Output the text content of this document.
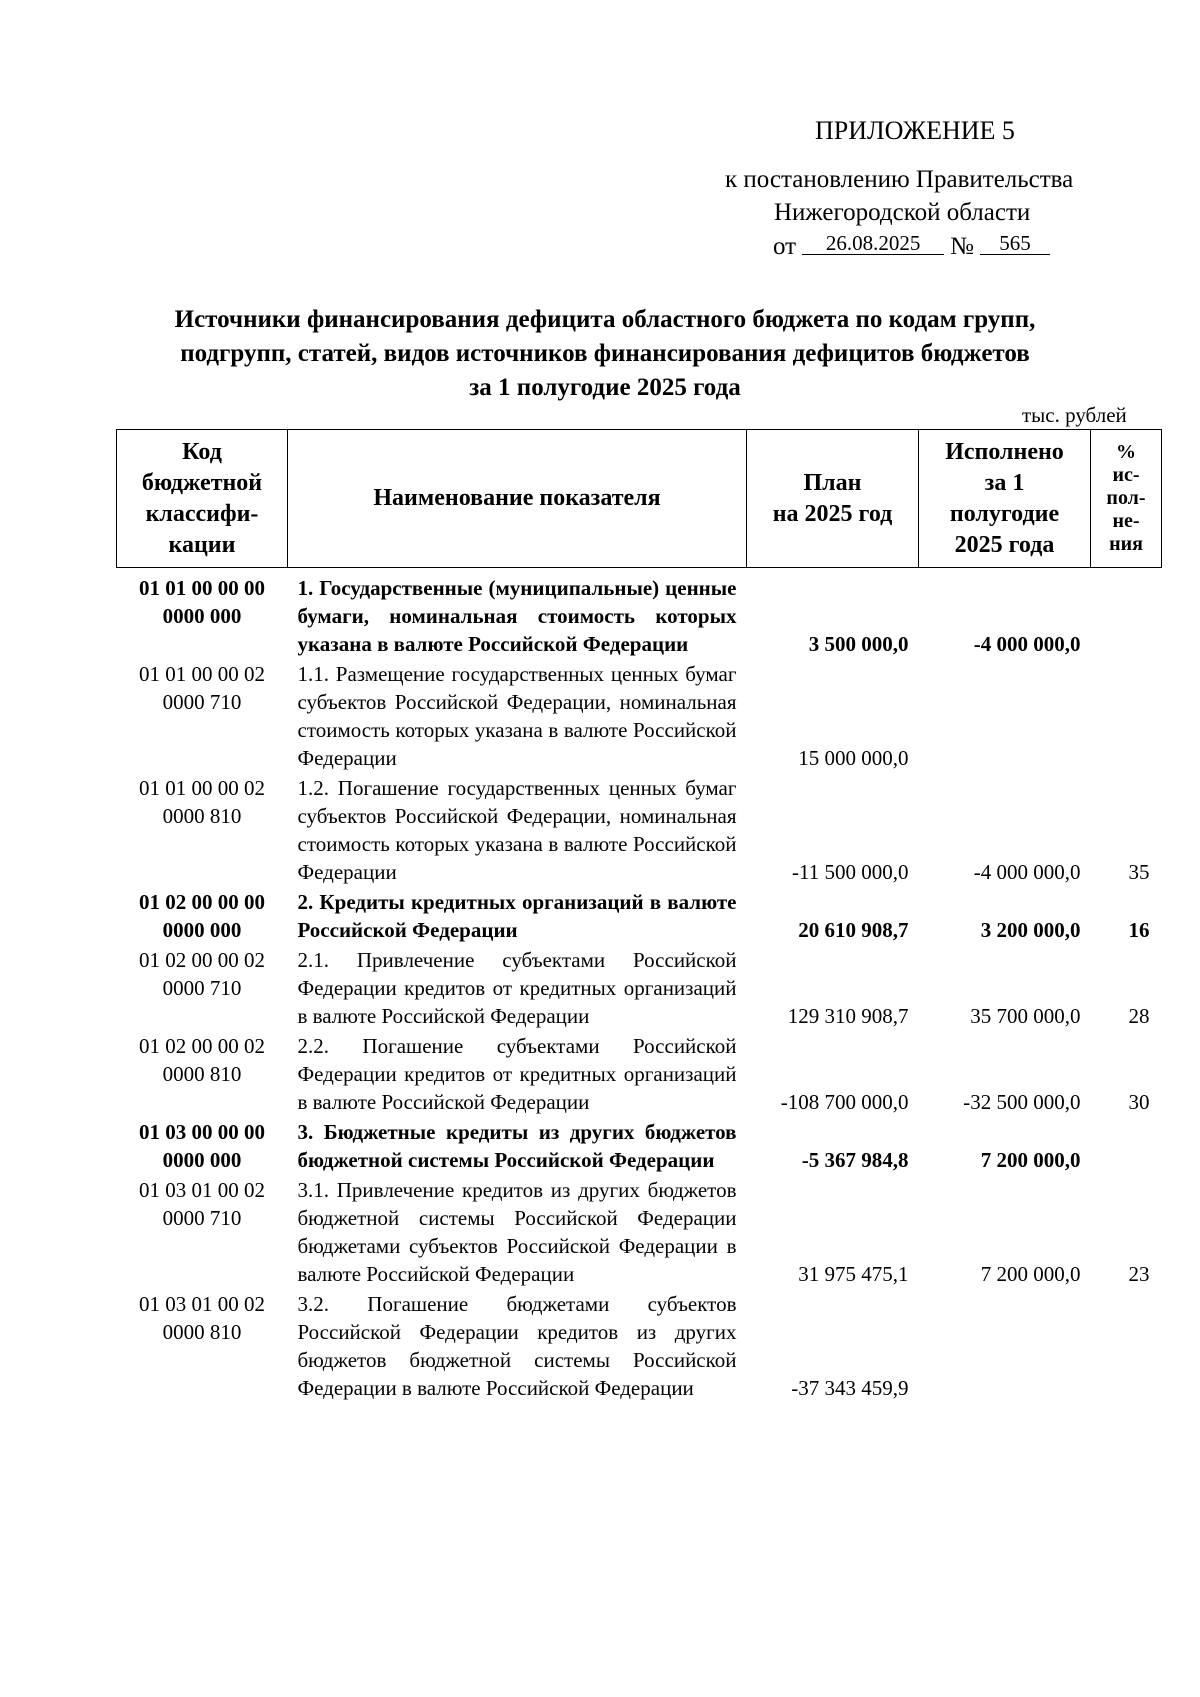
ПРИЛОЖЕНИЕ 5
к постановлению Правительства
Нижегородской области
от 26.08.2025 № 565
Источники финансирования дефицита областного бюджета по кодам групп,
подгрупп, статей, видов источников финансирования дефицитов бюджетов
за 1 полугодие 2025 года
тыс. рублей
Код
бюджетной
классифи-
кации	Наименование показателя	План
на 2025 год	Исполнено
за 1
полугодие
2025 года	%
ис-
пол-
не-
ния
01 01 00 00 00 0000 000	1. Государственные (муниципальные) ценные бумаги, номинальная стоимость которых указана в валюте Российской Федерации	3 500 000,0	-4 000 000,0	
01 01 00 00 02 0000 710	1.1. Размещение государственных ценных бумаг субъектов Российской Федерации, номинальная стоимость которых указана в валюте Российской Федерации	15 000 000,0		
01 01 00 00 02 0000 810	1.2. Погашение государственных ценных бумаг субъектов Российской Федерации, номинальная стоимость которых указана в валюте Российской Федерации	-11 500 000,0	-4 000 000,0	35
01 02 00 00 00 0000 000	2. Кредиты кредитных организаций в валюте Российской Федерации	20 610 908,7	3 200 000,0	16
01 02 00 00 02 0000 710	2.1. Привлечение субъектами Российской Федерации кредитов от кредитных организаций в валюте Российской Федерации	129 310 908,7	35 700 000,0	28
01 02 00 00 02 0000 810	2.2. Погашение субъектами Российской Федерации кредитов от кредитных организаций в валюте Российской Федерации	-108 700 000,0	-32 500 000,0	30
01 03 00 00 00 0000 000	3. Бюджетные кредиты из других бюджетов бюджетной системы Российской Федерации	-5 367 984,8	7 200 000,0	
01 03 01 00 02 0000 710	3.1. Привлечение кредитов из других бюджетов бюджетной системы Российской Федерации бюджетами субъектов Российской Федерации в валюте Российской Федерации	31 975 475,1	7 200 000,0	23
01 03 01 00 02 0000 810	3.2. Погашение бюджетами субъектов Российской Федерации кредитов из других бюджетов бюджетной системы Российской Федерации в валюте Российской Федерации	-37 343 459,9		
